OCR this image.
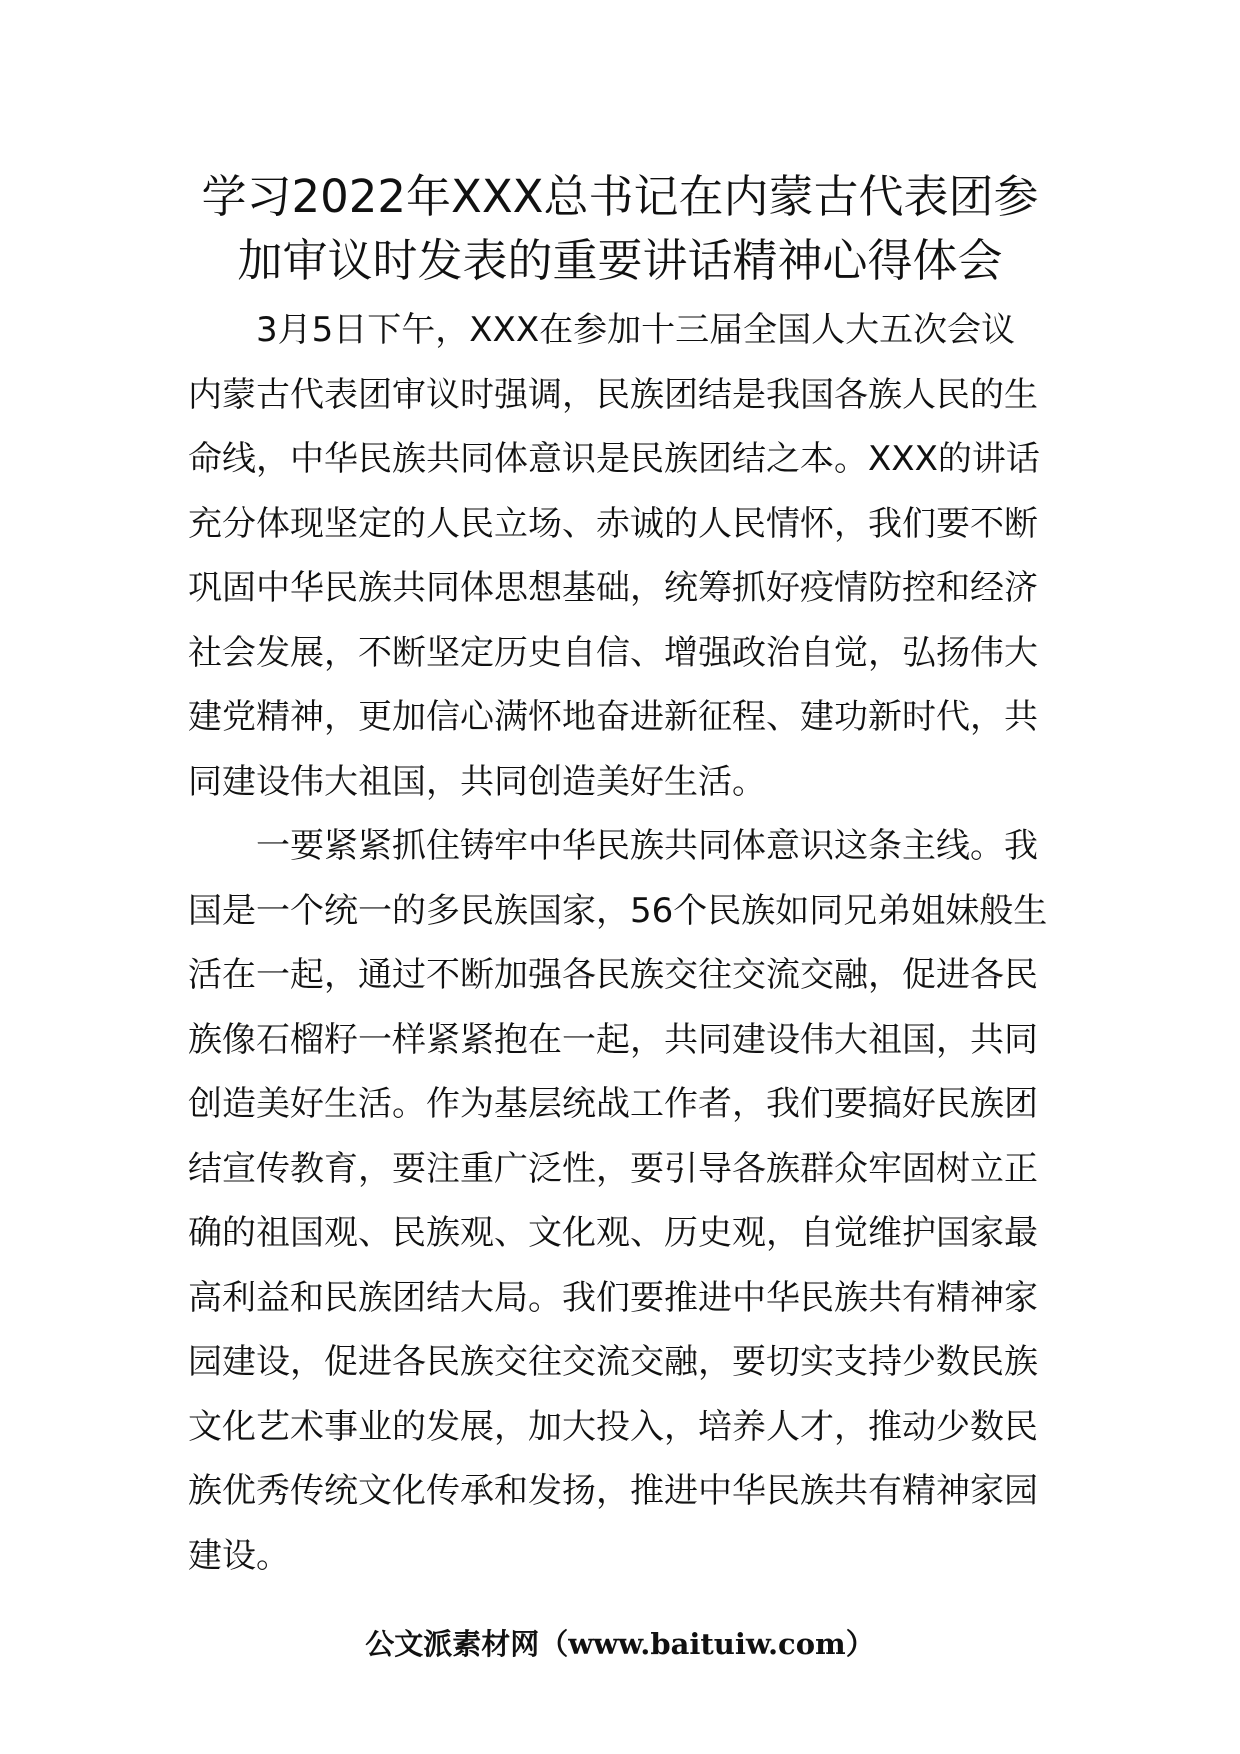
学习2022年XXX总书记在内蒙古代表团参
加审议时发表的重要讲话精神心得体会

3月5日下午，XXX在参加十三届全国人大五次会议
内蒙古代表团审议时强调，民族团结是我国各族人民的生
命线，中华民族共同体意识是民族团结之本。XXX的讲话
充分体现坚定的人民立场、赤诚的人民情怀，我们要不断
巩固中华民族共同体思想基础，统筹抓好疫情防控和经济
社会发展，不断坚定历史自信、增强政治自觉，弘扬伟大
建党精神，更加信心满怀地奋进新征程、建功新时代，共
同建设伟大祖国，共同创造美好生活。

一要紧紧抓住铸牢中华民族共同体意识这条主线。我
国是一个统一的多民族国家，56个民族如同兄弟姐妹般生
活在一起，通过不断加强各民族交往交流交融，促进各民
族像石榴籽一样紧紧抱在一起，共同建设伟大祖国，共同
创造美好生活。作为基层统战工作者，我们要搞好民族团
结宣传教育，要注重广泛性，要引导各族群众牢固树立正
确的祖国观、民族观、文化观、历史观，自觉维护国家最
高利益和民族团结大局。我们要推进中华民族共有精神家
园建设，促进各民族交往交流交融，要切实支持少数民族
文化艺术事业的发展，加大投入，培养人才，推动少数民
族优秀传统文化传承和发扬，推进中华民族共有精神家园
建设。

公文派素材网（www.baituiw.com）
